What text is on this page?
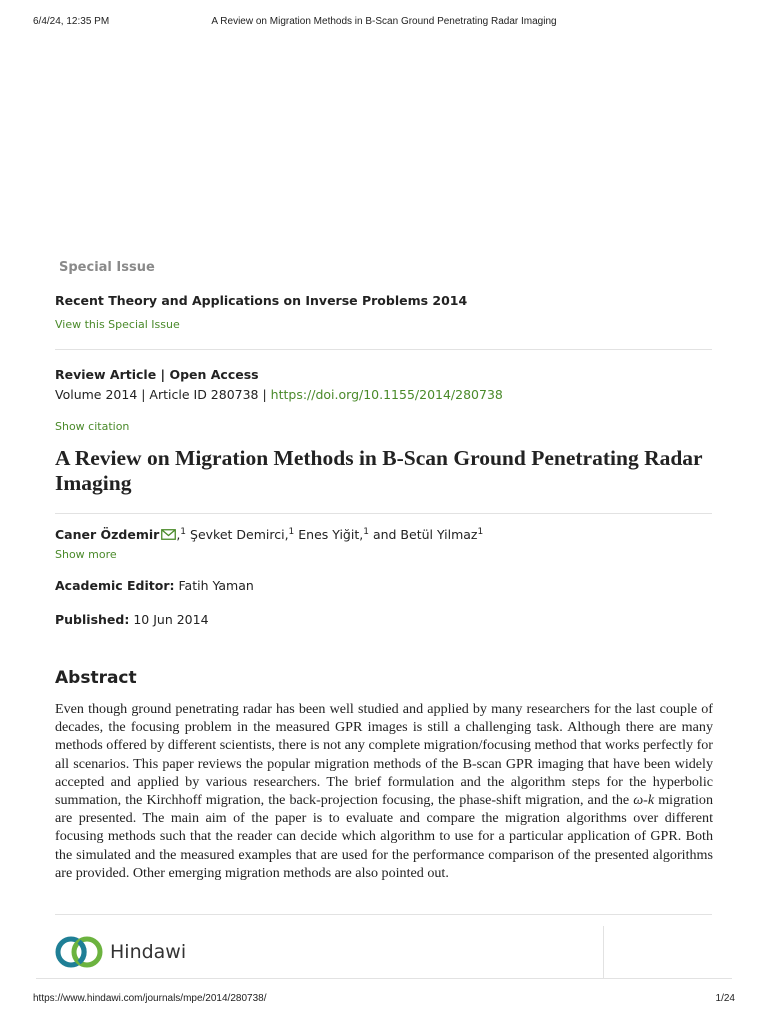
6/4/24, 12:35 PM	A Review on Migration Methods in B-Scan Ground Penetrating Radar Imaging
Special Issue
Recent Theory and Applications on Inverse Problems 2014
View this Special Issue
Review Article | Open Access
Volume 2014 | Article ID 280738 | https://doi.org/10.1155/2014/280738
Show citation
A Review on Migration Methods in B-Scan Ground Penetrating Radar Imaging
Caner Özdemir ,$^1$ Şevket Demirci,$^1$ Enes Yiğit,$^1$ and Betül Yilmaz$^1$
Show more
Academic Editor: Fatih Yaman
Published: 10 Jun 2014
Abstract

Even though ground penetrating radar has been well studied and applied by many researchers for the last couple of decades, the focusing problem in the measured GPR images is still a challenging task. Although there are many methods offered by different scientists, there is not any complete migration/focusing method that works perfectly for all scenarios. This paper reviews the popular migration methods of the B-scan GPR imaging that have been widely accepted and applied by various researchers. The brief formulation and the algorithm steps for the hyperbolic summation, the Kirchhoff migration, the back-projection focusing, the phase-shift migration, and the ω-k migration are presented. The main aim of the paper is to evaluate and compare the migration algorithms over different focusing methods such that the reader can decide which algorithm to use for a particular application of GPR. Both the simulated and the measured examples that are used for the performance comparison of the presented algorithms are provided. Other emerging migration methods are also pointed out.

Hindawi
https://www.hindawi.com/journals/mpe/2014/280738/	1/24
